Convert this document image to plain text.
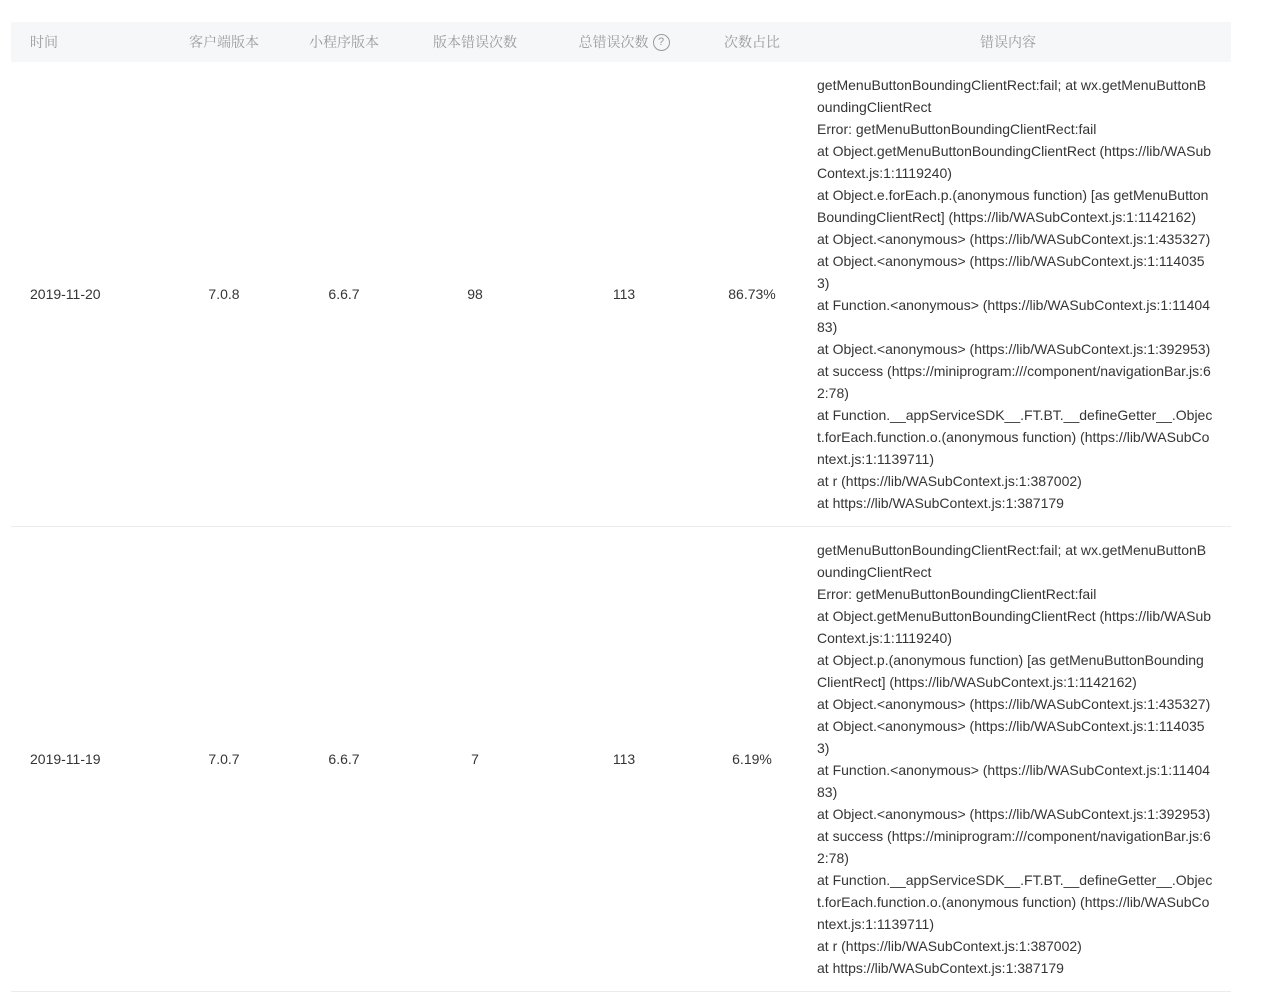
时间	客户端版本	小程序版本	版本错误次数	总错误次数 ?	次数占比	错误内容
2019-11-20	7.0.8	6.6.7	98	113	86.73%
getMenuButtonBoundingClientRect:fail; at wx.getMenuButtonBoundingClientRect
Error: getMenuButtonBoundingClientRect:fail
at Object.getMenuButtonBoundingClientRect (https://lib/WASubContext.js:1:1119240)
at Object.e.forEach.p.(anonymous function) [as getMenuButtonBoundingClientRect] (https://lib/WASubContext.js:1:1142162)
at Object.<anonymous> (https://lib/WASubContext.js:1:435327)
at Object.<anonymous> (https://lib/WASubContext.js:1:1140353)
at Function.<anonymous> (https://lib/WASubContext.js:1:1140483)
at Object.<anonymous> (https://lib/WASubContext.js:1:392953)
at success (https://miniprogram:///component/navigationBar.js:62:78)
at Function.__appServiceSDK__.FT.BT.__defineGetter__.Object.forEach.function.o.(anonymous function) (https://lib/WASubContext.js:1:1139711)
at r (https://lib/WASubContext.js:1:387002)
at https://lib/WASubContext.js:1:387179
2019-11-19	7.0.7	6.6.7	7	113	6.19%
getMenuButtonBoundingClientRect:fail; at wx.getMenuButtonBoundingClientRect
Error: getMenuButtonBoundingClientRect:fail
at Object.getMenuButtonBoundingClientRect (https://lib/WASubContext.js:1:1119240)
at Object.p.(anonymous function) [as getMenuButtonBoundingClientRect] (https://lib/WASubContext.js:1:1142162)
at Object.<anonymous> (https://lib/WASubContext.js:1:435327)
at Object.<anonymous> (https://lib/WASubContext.js:1:1140353)
at Function.<anonymous> (https://lib/WASubContext.js:1:1140483)
at Object.<anonymous> (https://lib/WASubContext.js:1:392953)
at success (https://miniprogram:///component/navigationBar.js:62:78)
at Function.__appServiceSDK__.FT.BT.__defineGetter__.Object.forEach.function.o.(anonymous function) (https://lib/WASubContext.js:1:1139711)
at r (https://lib/WASubContext.js:1:387002)
at https://lib/WASubContext.js:1:387179
